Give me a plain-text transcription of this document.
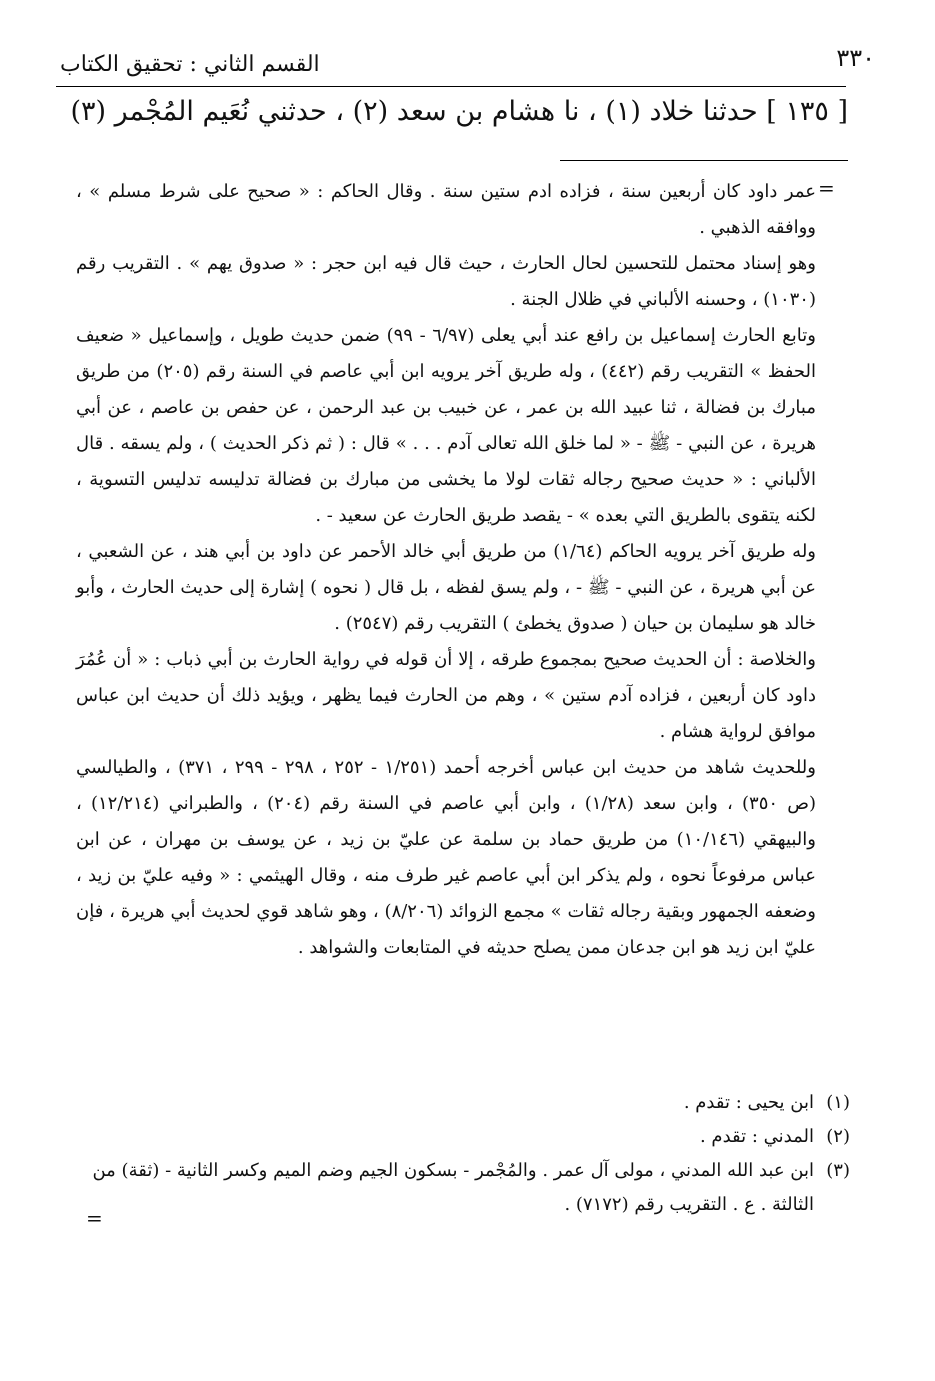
٣٣٠
القسم الثاني : تحقيق الكتاب
[ ١٣٥ ] حدثنا خلاد (١) ، نا هشام بن سعد (٢) ، حدثني نُعَيم المُجْمر (٣)
=

عمر داود كان أربعين سنة ، فزاده ادم ستين سنة . وقال الحاكم : « صحيح على شرط مسلم » ، ووافقه الذهبي .

وهو إسناد محتمل للتحسين لحال الحارث ، حيث قال فيه ابن حجر : « صدوق يهم » . التقريب رقم (١٠٣٠) ، وحسنه الألباني في ظلال الجنة .

وتابع الحارث إسماعيل بن رافع عند أبي يعلى (٦/٩٧ - ٩٩) ضمن حديث طويل ، وإسماعيل « ضعيف الحفظ » التقريب رقم (٤٤٢) ، وله طريق آخر يرويه ابن أبي عاصم في السنة رقم (٢٠٥) من طريق مبارك بن فضالة ، ثنا عبيد الله بن عمر ، عن خبيب بن عبد الرحمن ، عن حفص بن عاصم ، عن أبي هريرة ، عن النبي - ﷺ - « لما خلق الله تعالى آدم . . . » قال : ( ثم ذكر الحديث ) ، ولم يسقه . قال الألباني : « حديث صحيح رجاله ثقات لولا ما يخشى من مبارك بن فضالة تدليسه تدليس التسوية ، لكنه يتقوى بالطريق التي بعده » - يقصد طريق الحارث عن سعيد - .

وله طريق آخر يرويه الحاكم (١/٦٤) من طريق أبي خالد الأحمر عن داود بن أبي هند ، عن الشعبي ، عن أبي هريرة ، عن النبي - ﷺ - ، ولم يسق لفظه ، بل قال ( نحوه ) إشارة إلى حديث الحارث ، وأبو خالد هو سليمان بن حيان ( صدوق يخطئ ) التقريب رقم (٢٥٤٧) .

والخلاصة : أن الحديث صحيح بمجموع طرقه ، إلا أن قوله في رواية الحارث بن أبي ذباب : « أن عُمُرَ داود كان أربعين ، فزاده آدم ستين » ، وهم من الحارث فيما يظهر ، ويؤيد ذلك أن حديث ابن عباس موافق لرواية هشام .

وللحديث شاهد من حديث ابن عباس أخرجه أحمد (١/٢٥١ - ٢٥٢ ، ٢٩٨ - ٢٩٩ ، ٣٧١) ، والطيالسي (ص ٣٥٠) ، وابن سعد (١/٢٨) ، وابن أبي عاصم في السنة رقم (٢٠٤) ، والطبراني (١٢/٢١٤) ، والبيهقي (١٠/١٤٦) من طريق حماد بن سلمة عن عليّ بن زيد ، عن يوسف بن مهران ، عن ابن عباس مرفوعاً نحوه ، ولم يذكر ابن أبي عاصم غير طرف منه ، وقال الهيثمي : « وفيه عليّ بن زيد ، وضعفه الجمهور وبقية رجاله ثقات » مجمع الزوائد (٨/٢٠٦) ، وهو شاهد قوي لحديث أبي هريرة ، فإن عليّ ابن زيد هو ابن جدعان ممن يصلح حديثه في المتابعات والشواهد .

(١)
ابن يحيى : تقدم .
(٢)
المدني : تقدم .
(٣)
ابن عبد الله المدني ، مولى آل عمر . والمُجْمر - بسكون الجيم وضم الميم وكسر الثانية - (ثقة) من الثالثة . ع . التقريب رقم (٧١٧٢) .
=
